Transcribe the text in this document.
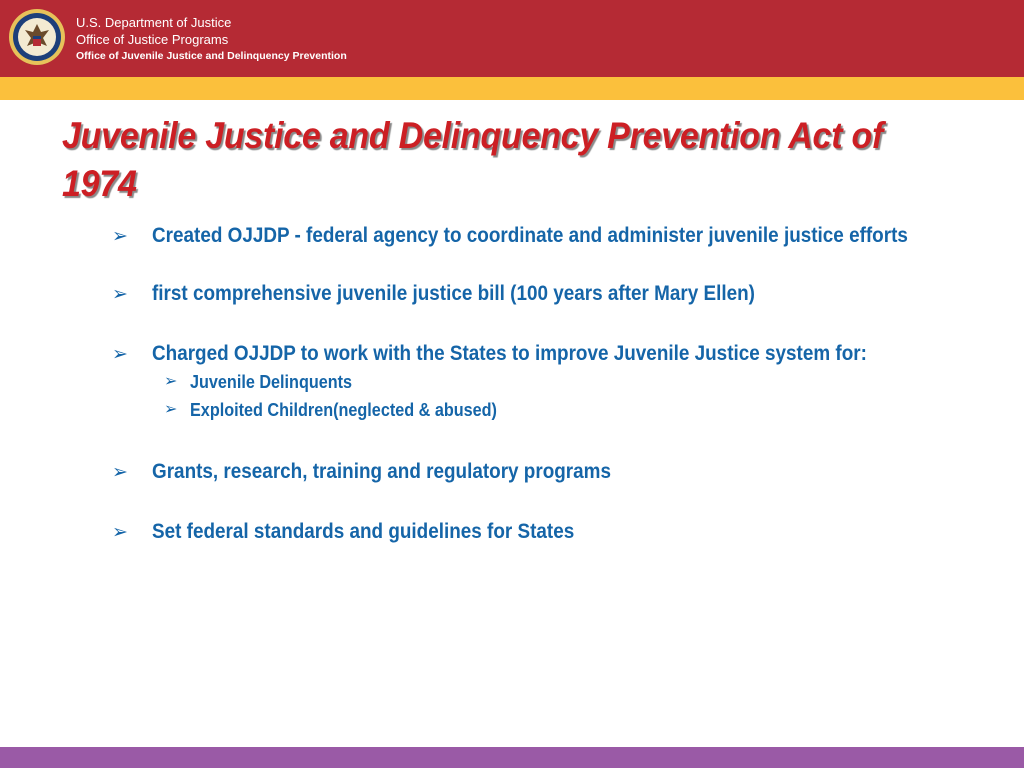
U.S. Department of Justice
Office of Justice Programs
Office of Juvenile Justice and Delinquency Prevention
Juvenile Justice and Delinquency Prevention Act of 1974
➢ Created OJJDP - federal agency to coordinate and administer juvenile justice efforts
➢ first comprehensive juvenile justice bill (100 years after Mary Ellen)
➢ Charged OJJDP to work with the States to improve Juvenile Justice system for:
➢ Juvenile Delinquents
➢ Exploited Children(neglected & abused)
➢ Grants, research, training and regulatory programs
➢ Set federal standards and guidelines for States
